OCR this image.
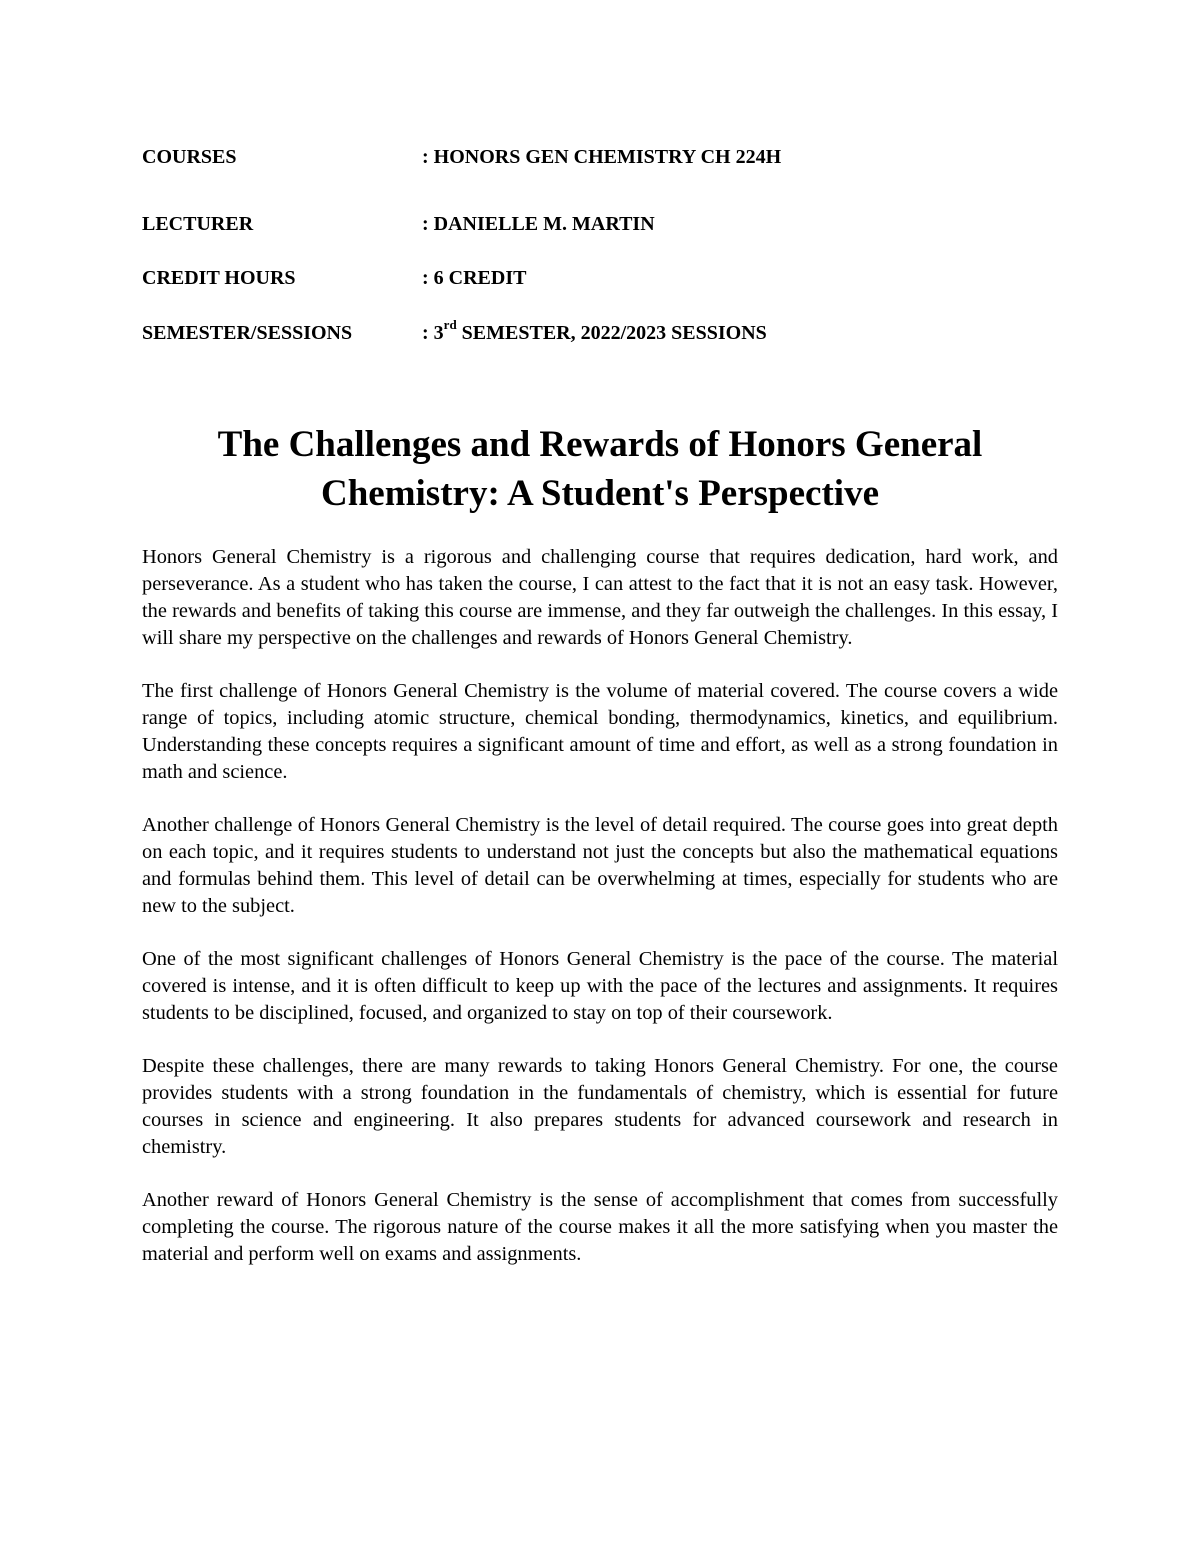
COURSES	: HONORS GEN CHEMISTRY CH 224H
LECTURER	: DANIELLE M. MARTIN
CREDIT HOURS	: 6 CREDIT
SEMESTER/SESSIONS	: 3rd SEMESTER, 2022/2023 SESSIONS
The Challenges and Rewards of Honors General
Chemistry: A Student's Perspective

Honors General Chemistry is a rigorous and challenging course that requires dedication, hard work, and perseverance. As a student who has taken the course, I can attest to the fact that it is not an easy task. However, the rewards and benefits of taking this course are immense, and they far outweigh the challenges. In this essay, I will share my perspective on the challenges and rewards of Honors General Chemistry.

The first challenge of Honors General Chemistry is the volume of material covered. The course covers a wide range of topics, including atomic structure, chemical bonding, thermodynamics, kinetics, and equilibrium. Understanding these concepts requires a significant amount of time and effort, as well as a strong foundation in math and science.

Another challenge of Honors General Chemistry is the level of detail required. The course goes into great depth on each topic, and it requires students to understand not just the concepts but also the mathematical equations and formulas behind them. This level of detail can be overwhelming at times, especially for students who are new to the subject.

One of the most significant challenges of Honors General Chemistry is the pace of the course. The material covered is intense, and it is often difficult to keep up with the pace of the lectures and assignments. It requires students to be disciplined, focused, and organized to stay on top of their coursework.

Despite these challenges, there are many rewards to taking Honors General Chemistry. For one, the course provides students with a strong foundation in the fundamentals of chemistry, which is essential for future courses in science and engineering. It also prepares students for advanced coursework and research in chemistry.

Another reward of Honors General Chemistry is the sense of accomplishment that comes from successfully completing the course. The rigorous nature of the course makes it all the more satisfying when you master the material and perform well on exams and assignments.
